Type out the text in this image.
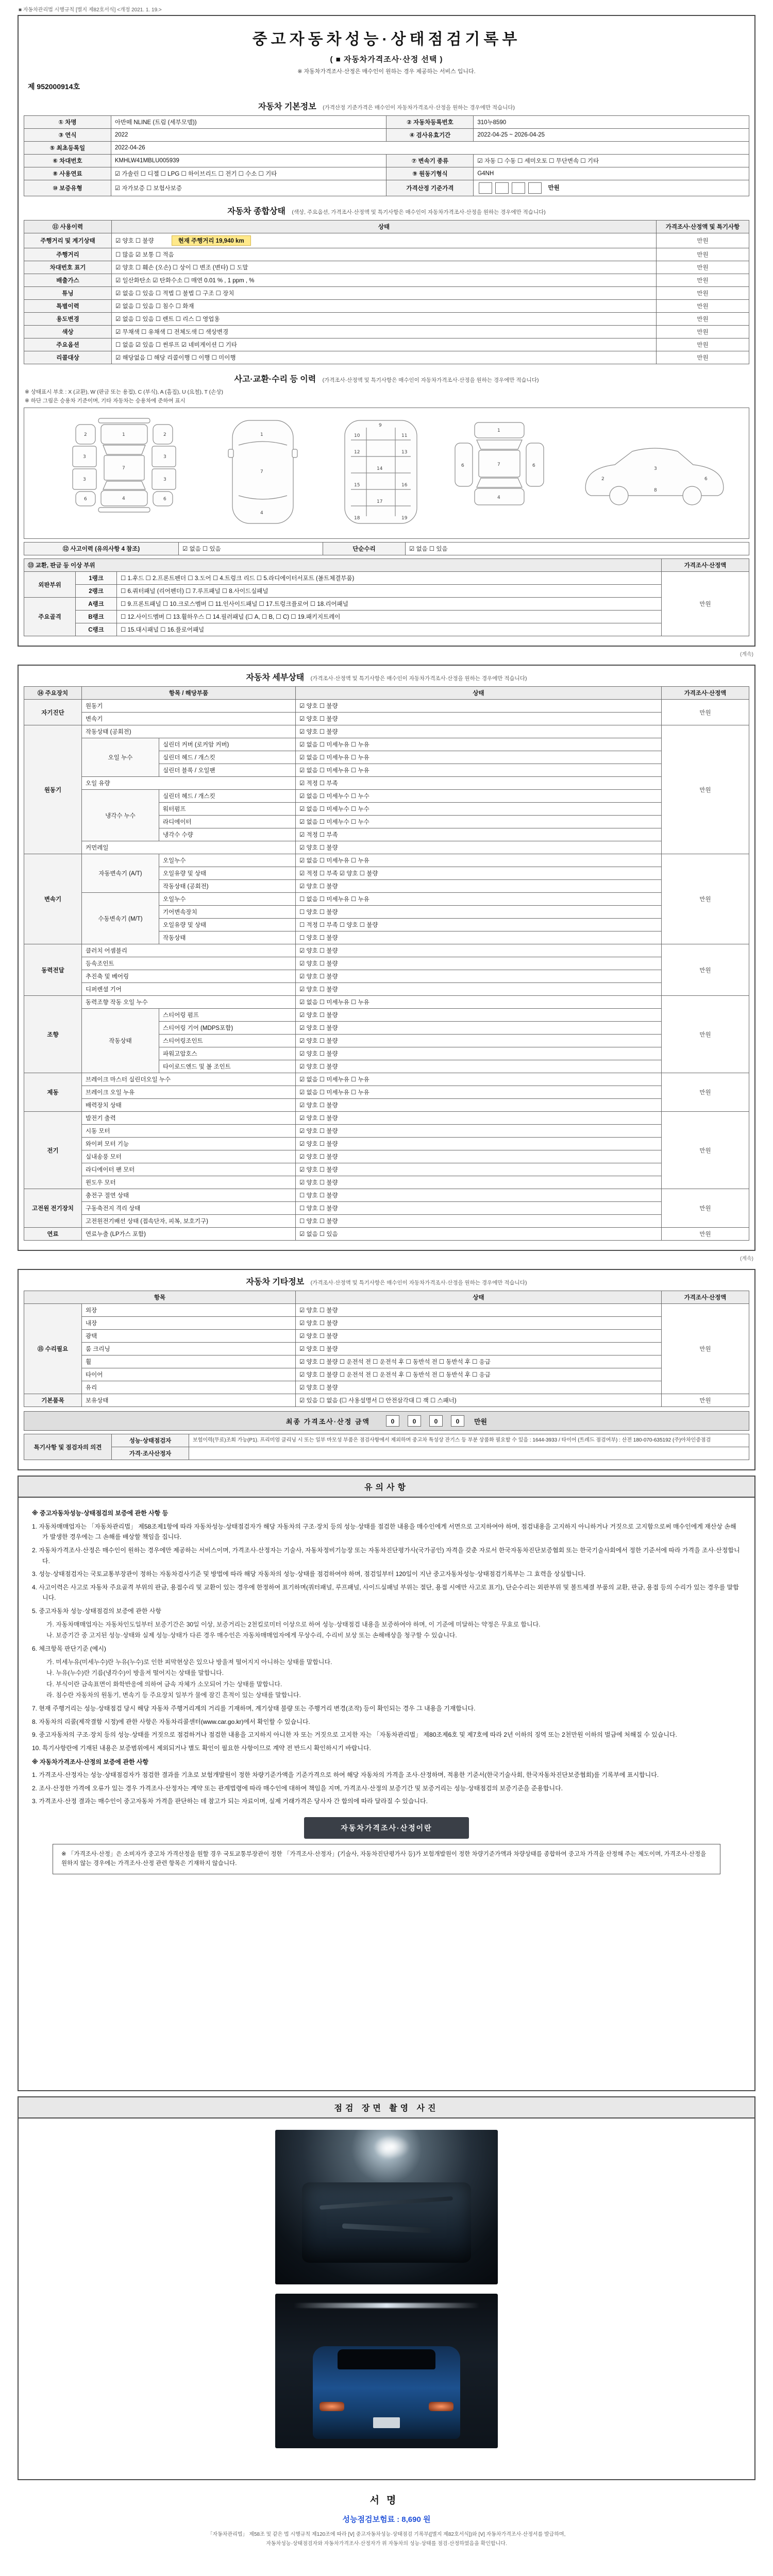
■ 자동차관리법 시행규칙 [별지 제82호서식] <개정 2021. 1. 19.>
중고자동차성능·상태점검기록부
( ■ 자동차가격조사·산정 선택 )
※ 자동차가격조사·산정은 매수인이 원하는 경우 제공하는 서비스 입니다.
제 952000914호
자동차 기본정보 (가격산정 기준가격은 매수인이 자동차가격조사·산정을 원하는 경우에만 적습니다)
① 차명	아반떼 NLINE (트림 (세부모델))	② 자동차등록번호	310누8590
③ 연식	2022	④ 검사유효기간	2022-04-25 ~ 2026-04-25
⑤ 최초등록일	2022-04-26		
⑥ 차대번호	KMHLW41MBLU005939	⑦ 변속기 종류	☑ 자동 ☐ 수동 ☐ 세미오토 ☐ 무단변속 ☐ 기타
⑧ 사용연료	☑ 가솔린 ☐ 디젤 ☐ LPG ☐ 하이브리드 ☐ 전기 ☐ 수소 ☐ 기타	⑨ 원동기형식	G4NH
⑩ 보증유형	☑ 자가보증 ☐ 보험사보증	가격산정 기준가격	만원
자동차 종합상태 (색상, 주요옵션, 가격조사·산정액 및 특기사항은 매수인이 자동차가격조사·산정을 원하는 경우에만 적습니다)
⑪ 사용이력	상태	가격조사·산정액 및 특기사항
주행거리 및 계기상태	☑ 양호 ☐ 불량 현재 주행거리 19,940 km	만원
주행거리	☐ 많음 ☑ 보통 ☐ 적음	만원
차대번호 표기	☑ 양호 ☐ 훼손 (오손) ☐ 상이 ☐ 변조 (변타) ☐ 도말	만원
배출가스	☑ 일산화탄소 ☑ 탄화수소 ☐ 매연 0.01 % , 1 ppm , %	만원
튜닝	☑ 없음 ☐ 있음 ☐ 적법 ☐ 불법 ☐ 구조 ☐ 장치	만원
특별이력	☑ 없음 ☐ 있음 ☐ 침수 ☐ 화재	만원
용도변경	☑ 없음 ☐ 있음 ☐ 렌트 ☐ 리스 ☐ 영업용	만원
색상	☑ 무채색 ☐ 유채색 ☐ 전체도색 ☐ 색상변경	만원
주요옵션	☐ 없음 ☑ 있음 ☐ 썬루프 ☑ 네비게이션 ☐ 기타	만원
리콜대상	☑ 해당없음 ☐ 해당 리콜이행 ☐ 이행 ☐ 미이행	만원
사고·교환·수리 등 이력 (가격조사·산정액 및 특기사항은 매수인이 자동차가격조사·산정을 원하는 경우에만 적습니다)
※ 상태표시 부호 : X (교환), W (판금 또는 용접), C (부식), A (흠집), U (요철), T (손상)
※ 하단 그림은 승용차 기준이며, 기타 자동차는 승용차에 준하여 표시
1
2	2
3	3
3	3
4
6	6
7
1
7
4
9
10	11
12	13
14
15	16
17
18	19
1
7
4
6	6
3
2	6
8
⑫ 사고이력 (유의사항 4 참조)	☑ 없음 ☐ 있음	단순수리	☑ 없음 ☐ 있음
⑬ 교환, 판금 등 이상 부위			가격조사·산정액
외판부위	1랭크	☐ 1.후드 ☐ 2.프론트펜더 ☐ 3.도어 ☐ 4.트렁크 리드 ☐ 5.라디에이터서포트 (볼트체결부품)	만원
	2랭크	☐ 6.쿼터패널 (리어펜더) ☐ 7.루프패널 ☐ 8.사이드실패널	
주요골격	A랭크	☐ 9.프론트패널 ☐ 10.크로스멤버 ☐ 11.인사이드패널 ☐ 17.트렁크플로어 ☐ 18.리어패널	
	B랭크	☐ 12.사이드멤버 ☐ 13.휠하우스 ☐ 14.필러패널 (☐ A, ☐ B, ☐ C) ☐ 19.패키지트레이	
	C랭크	☐ 15.대시패널 ☐ 16.플로어패널	
(계속)
자동차 세부상태 (가격조사·산정액 및 특기사항은 매수인이 자동차가격조사·산정을 원하는 경우에만 적습니다)
⑭ 주요장치	항목 / 해당부품		상태	가격조사·산정액
자기진단	원동기		☑ 양호 ☐ 불량	만원
	변속기		☑ 양호 ☐ 불량	
원동기	작동상태 (공회전)		☑ 양호 ☐ 불량	만원
	오일 누수	실린더 커버 (로커암 커버)	☑ 없음 ☐ 미세누유 ☐ 누유	
		실린더 헤드 / 개스킷	☑ 없음 ☐ 미세누유 ☐ 누유	
		실린더 블록 / 오일팬	☑ 없음 ☐ 미세누유 ☐ 누유	
	오일 유량		☑ 적정 ☐ 부족	
	냉각수 누수	실린더 헤드 / 개스킷	☑ 없음 ☐ 미세누수 ☐ 누수	
		워터펌프	☑ 없음 ☐ 미세누수 ☐ 누수	
		라디에이터	☑ 없음 ☐ 미세누수 ☐ 누수	
		냉각수 수량	☑ 적정 ☐ 부족	
	커먼레일		☑ 양호 ☐ 불량	
변속기	자동변속기 (A/T)	오일누수	☑ 없음 ☐ 미세누유 ☐ 누유	만원
		오일유량 및 상태	☑ 적정 ☐ 부족 ☑ 양호 ☐ 불량	
		작동상태 (공회전)	☑ 양호 ☐ 불량	
	수동변속기 (M/T)	오일누수	☐ 없음 ☐ 미세누유 ☐ 누유	
		기어변속장치	☐ 양호 ☐ 불량	
		오일유량 및 상태	☐ 적정 ☐ 부족 ☐ 양호 ☐ 불량	
		작동상태	☐ 양호 ☐ 불량	
동력전달	클러치 어셈블리		☑ 양호 ☐ 불량	만원
	등속조인트		☑ 양호 ☐ 불량	
	추진축 및 베어링		☑ 양호 ☐ 불량	
	디퍼렌셜 기어		☑ 양호 ☐ 불량	
조향	동력조향 작동 오일 누수		☑ 없음 ☐ 미세누유 ☐ 누유	만원
	작동상태	스티어링 펌프	☑ 양호 ☐ 불량	
		스티어링 기어 (MDPS포함)	☑ 양호 ☐ 불량	
		스티어링조인트	☑ 양호 ☐ 불량	
		파워고압호스	☑ 양호 ☐ 불량	
		타이로드엔드 및 볼 조인트	☑ 양호 ☐ 불량	
제동	브레이크 마스터 실린더오일 누수		☑ 없음 ☐ 미세누유 ☐ 누유	만원
	브레이크 오일 누유		☑ 없음 ☐ 미세누유 ☐ 누유	
	배력장치 상태		☑ 양호 ☐ 불량	
전기	발전기 출력		☑ 양호 ☐ 불량	만원
	시동 모터		☑ 양호 ☐ 불량	
	와이퍼 모터 기능		☑ 양호 ☐ 불량	
	실내송풍 모터		☑ 양호 ☐ 불량	
	라디에이터 팬 모터		☑ 양호 ☐ 불량	
	윈도우 모터		☑ 양호 ☐ 불량	
고전원 전기장치	충전구 절연 상태		☐ 양호 ☐ 불량	만원
	구동축전지 격리 상태		☐ 양호 ☐ 불량	
	고전원전기배선 상태 (접속단자, 피복, 보호기구)		☐ 양호 ☐ 불량	
연료	연료누출 (LP가스 포함)		☑ 없음 ☐ 있음	만원
(계속)
자동차 기타정보 (가격조사·산정액 및 특기사항은 매수인이 자동차가격조사·산정을 원하는 경우에만 적습니다)
항목		상태	가격조사·산정액
⑮ 수리필요	외장	☑ 양호 ☐ 불량	만원
	내장	☑ 양호 ☐ 불량	
	광택	☑ 양호 ☐ 불량	
	룸 크리닝	☑ 양호 ☐ 불량	
	휠	☑ 양호 ☐ 불량 ☐ 운전석 전 ☐ 운전석 후 ☐ 동반석 전 ☐ 동반석 후 ☐ 응급	
	타이어	☑ 양호 ☐ 불량 ☐ 운전석 전 ☐ 운전석 후 ☐ 동반석 전 ☐ 동반석 후 ☐ 응급	
	유리	☑ 양호 ☐ 불량	
기본품목	보유상태	☑ 있음 ☐ 없음 (☐ 사용설명서 ☐ 안전삼각대 ☐ 잭 ☐ 스패너)	만원
최종 가격조사·산정 금액	0	0	0	0	만원
특기사항 및 점검자의 의견	성능·상태점검자	보험이력(무료)조회 가능(P1). 프리미엄 클리닝 시 또는 일부 마모성 부품은 점검사항에서 제외하며 중고차 특성상 잔기스 등 부분 상품화 필요할 수 있음 : 1644-3933 / 타이어 (트레드 점검여부) : 산전 180-070-635192 (주)아차인증점검
	가격·조사산정자	
유의사항
※ 중고자동차성능·상태점검의 보증에 관한 사항 등

1. 자동차매매업자는 「자동차관리법」 제58조제1항에 따라 자동차성능·상태점검자가 해당 자동차의 구조·장치 등의 성능·상태를 점검한 내용을 매수인에게 서면으로 고지하여야 하며, 점검내용을 고지하지 아니하거나 거짓으로 고지함으로써 매수인에게 재산상 손해가 발생한 경우에는 그 손해를 배상할 책임을 집니다.

2. 자동차가격조사·산정은 매수인이 원하는 경우에만 제공하는 서비스이며, 가격조사·산정자는 기술사, 자동차정비기능장 또는 자동차진단평가사(국가공인) 자격을 갖춘 자로서 한국자동차진단보증협회 또는 한국기술사회에서 정한 기준서에 따라 가격을 조사·산정합니다.

3. 성능·상태점검자는 국토교통부장관이 정하는 자동차검사기준 및 방법에 따라 해당 자동차의 성능·상태를 점검하여야 하며, 점검일부터 120일이 지난 중고자동차성능·상태점검기록부는 그 효력을 상실합니다.

4. 사고이력은 사고로 자동차 주요골격 부위의 판금, 용접수리 및 교환이 있는 경우에 한정하여 표기하며(쿼터패널, 루프패널, 사이드실패널 부위는 절단, 용접 시에만 사고로 표기), 단순수리는 외판부위 및 볼트체결 부품의 교환, 판금, 용접 등의 수리가 있는 경우를 말합니다.

5. 중고자동차 성능·상태점검의 보증에 관한 사항

가. 자동차매매업자는 자동차인도일부터 보증기간은 30일 이상, 보증거리는 2천킬로미터 이상으로 하여 성능·상태점검 내용을 보증하여야 하며, 이 기준에 미달하는 약정은 무효로 합니다.

나. 보증기간 중 고지된 성능·상태와 실제 성능·상태가 다른 경우 매수인은 자동차매매업자에게 무상수리, 수리비 보상 또는 손해배상을 청구할 수 있습니다.

6. 체크항목 판단기준 (예시)

가. 미세누유(미세누수)란 누유(누수)로 인한 피막현상은 있으나 방울져 떨어지지 아니하는 상태를 말합니다.

나. 누유(누수)란 기름(냉각수)이 방울져 떨어지는 상태를 말합니다.

다. 부식이란 금속표면이 화학반응에 의하여 금속 자체가 소모되어 가는 상태를 말합니다.

라. 침수란 자동차의 원동기, 변속기 등 주요장치 일부가 물에 잠긴 흔적이 있는 상태를 말합니다.

7. 현재 주행거리는 성능·상태점검 당시 해당 자동차 주행거리계의 거리를 기재하며, 계기상태 불량 또는 주행거리 변경(조작) 등이 확인되는 경우 그 내용을 기재합니다.

8. 자동차의 리콜(제작결함 시정)에 관한 사항은 자동차리콜센터(www.car.go.kr)에서 확인할 수 있습니다.

9. 중고자동차의 구조·장치 등의 성능·상태를 거짓으로 점검하거나 점검한 내용을 고지하지 아니한 자 또는 거짓으로 고지한 자는 「자동차관리법」 제80조제6호 및 제7호에 따라 2년 이하의 징역 또는 2천만원 이하의 벌금에 처해질 수 있습니다.

10. 특기사항란에 기재된 내용은 보증범위에서 제외되거나 별도 확인이 필요한 사항이므로 계약 전 반드시 확인하시기 바랍니다.

※ 자동차가격조사·산정의 보증에 관한 사항

1. 가격조사·산정자는 성능·상태점검자가 점검한 결과를 기초로 보험개발원이 정한 차량기준가액을 기준가격으로 하여 해당 자동차의 가격을 조사·산정하며, 적용한 기준서(한국기술사회, 한국자동차진단보증협회)를 기록부에 표시합니다.

2. 조사·산정한 가격에 오류가 있는 경우 가격조사·산정자는 계약 또는 관계법령에 따라 매수인에 대하여 책임을 지며, 가격조사·산정의 보증기간 및 보증거리는 성능·상태점검의 보증기준을 준용합니다.

3. 가격조사·산정 결과는 매수인이 중고자동차 가격을 판단하는 데 참고가 되는 자료이며, 실제 거래가격은 당사자 간 합의에 따라 달라질 수 있습니다.

자동차가격조사·산정이란
※ 「가격조사·산정」은 소비자가 중고차 가격산정을 원할 경우 국토교통부장관이 정한 「가격조사·산정자」(기술사, 자동차진단평가사 등)가 보험개발원이 정한 차량기준가액과 차량상태를 종합하여 중고차 가격을 산정해 주는 제도이며, 가격조사·산정을 원하지 않는 경우에는 가격조사·산정 관련 항목은 기재하지 않습니다.
점검 장면 촬영 사진
서명
성능점검보험료 : 8,690 원
「자동차관리법」 제58조 및 같은 법 시행규칙 제120조에 따라 [Ⅴ] 중고자동차성능·상태점검 기록부([별지 제82호서식])와 [Ⅴ] 자동차가격조사·산정서를 발급하며,
자동차성능·상태점검자와 자동차가격조사·산정자가 위 자동차의 성능·상태를 점검·산정하였음을 확인합니다.
